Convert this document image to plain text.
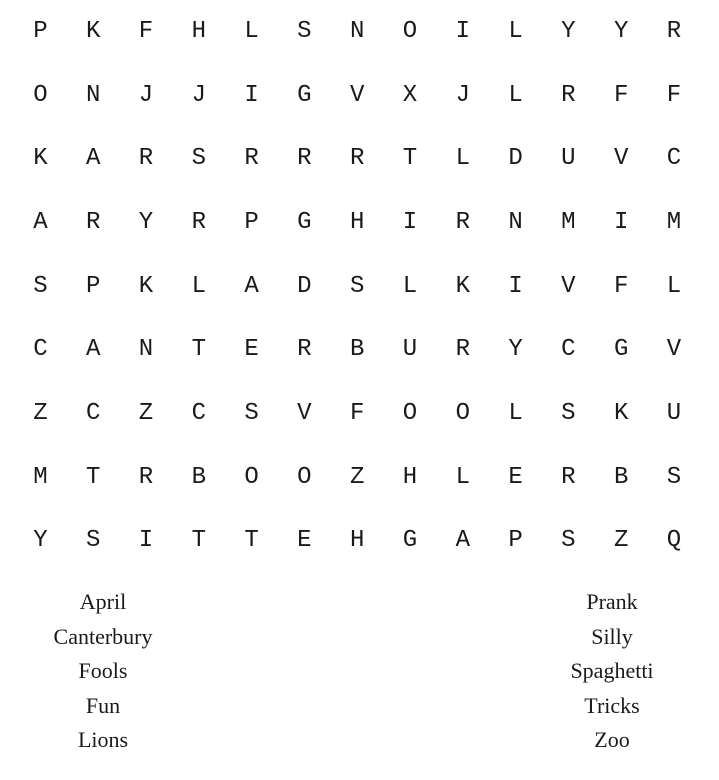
P	K	F	H	L	S	N	O	I	L	Y	Y	R
O	N	J	J	I	G	V	X	J	L	R	F	F
K	A	R	S	R	R	R	T	L	D	U	V	C
A	R	Y	R	P	G	H	I	R	N	M	I	M
S	P	K	L	A	D	S	L	K	I	V	F	L
C	A	N	T	E	R	B	U	R	Y	C	G	V
Z	C	Z	C	S	V	F	O	O	L	S	K	U
M	T	R	B	O	O	Z	H	L	E	R	B	S
Y	S	I	T	T	E	H	G	A	P	S	Z	Q
April
Canterbury
Fools
Fun
Lions
Prank
Silly
Spaghetti
Tricks
Zoo
